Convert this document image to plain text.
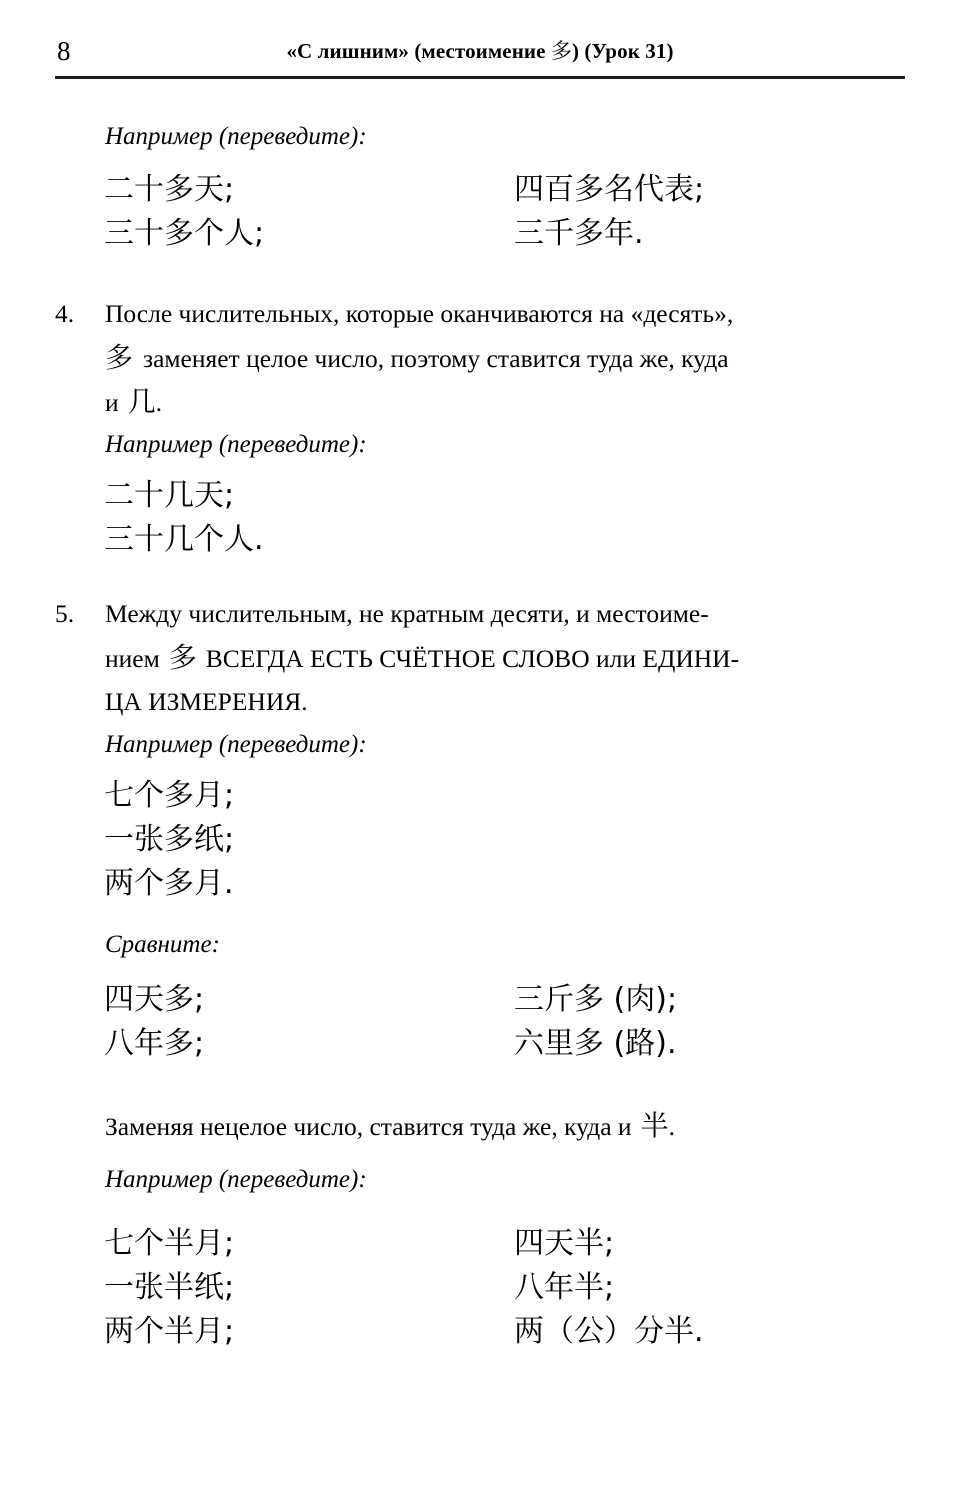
8	«С лишним» (местоимение 多) (Урок 31)
Например (переведите):
二十多天;	四百多名代表;
三十多个人;	三千多年.
4. После числительных, которые оканчиваются на «десять»,
多 заменяет целое число, поэтому ставится туда же, куда
и 几.
Например (переведите):
二十几天;
三十几个人.
5. Между числительным, не кратным десяти, и местоиме-
нием 多 ВСЕГДА ЕСТЬ СЧЁТНОЕ СЛОВО или ЕДИНИ-
ЦА ИЗМЕРЕНИЯ.
Например (переведите):
七个多月;
一张多纸;
两个多月.
Сравните:
四天多;	三斤多 (肉);
八年多;	六里多 (路).
Заменяя нецелое число, ставится туда же, куда и 半.
Например (переведите):
七个半月;	四天半;
一张半纸;	八年半;
两个半月;	两（公）分半.
